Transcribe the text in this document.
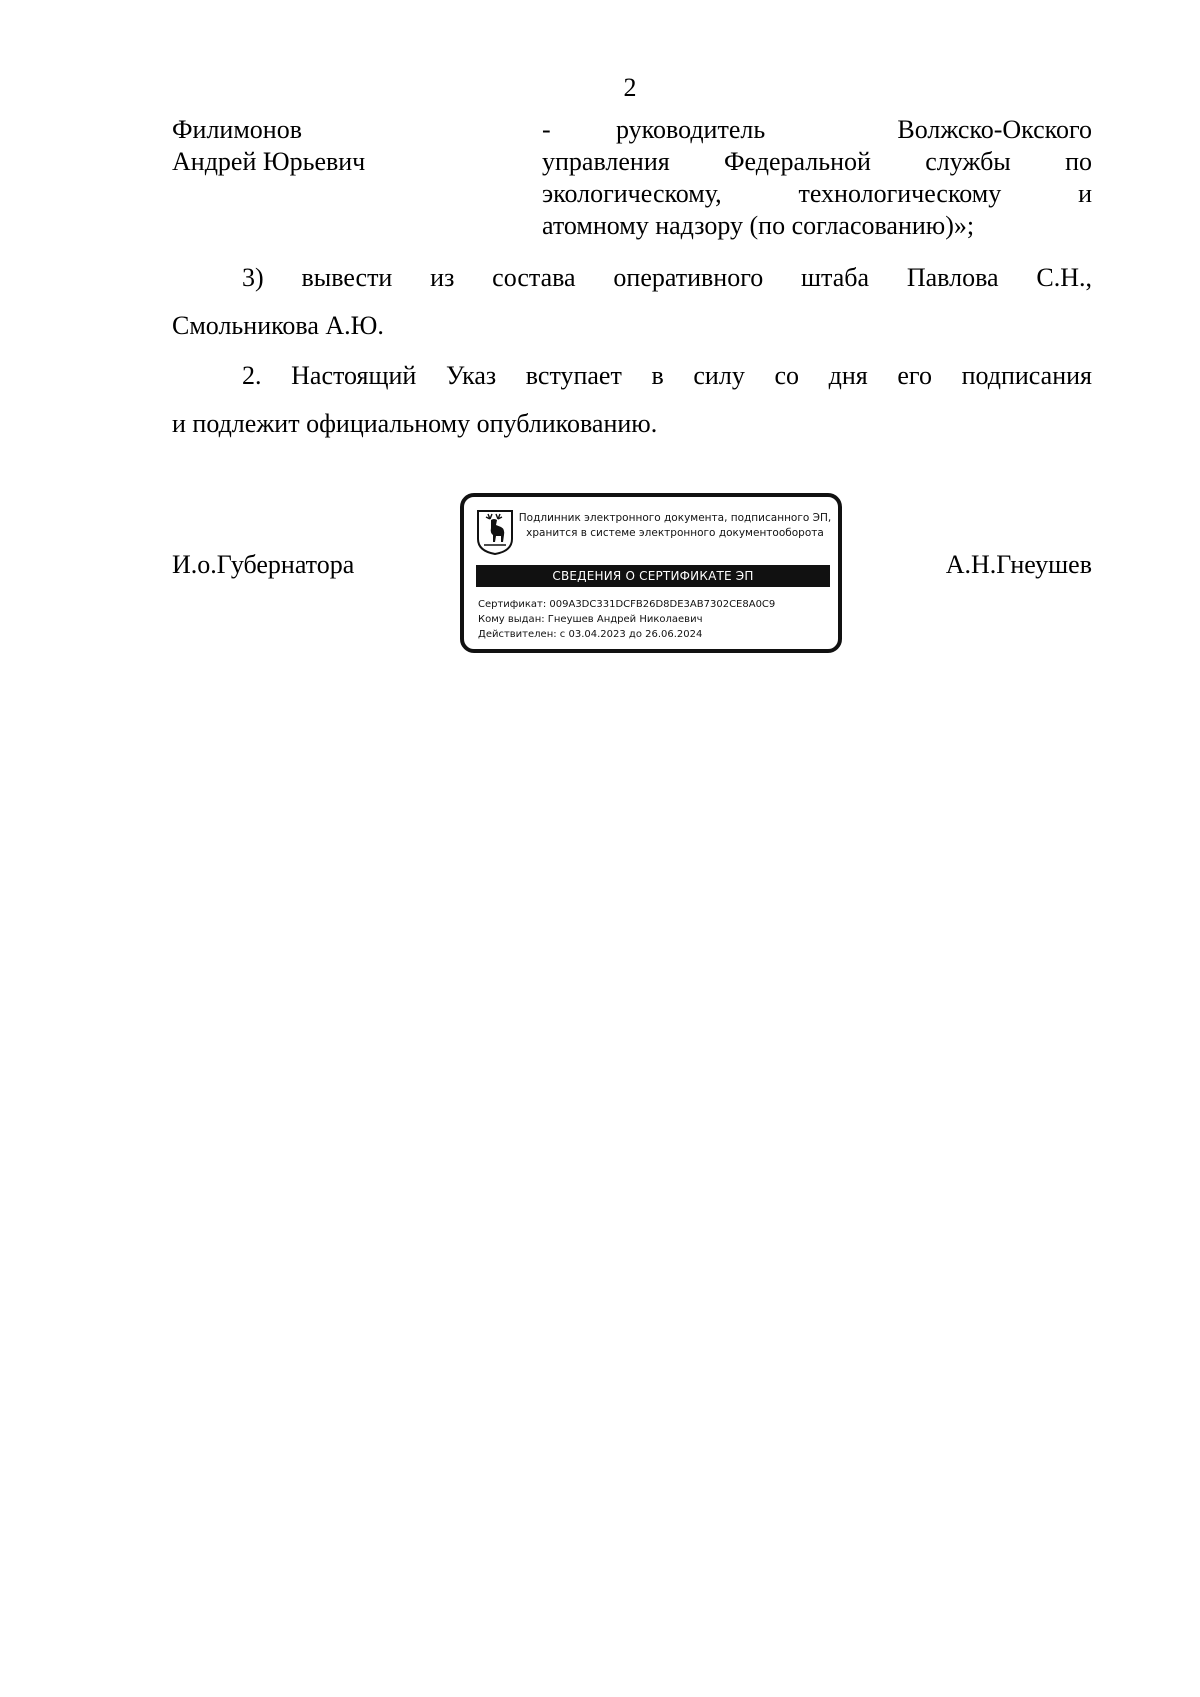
2
Филимонов
Андрей Юрьевич
-	руководитель Волжско-Окского
управления Федеральной службы по
экологическому, технологическому и
атомному надзору (по согласованию)»;
3) вывести из состава оперативного штаба Павлова С.Н.,
Смольникова А.Ю.
2. Настоящий Указ вступает в силу со дня его подписания
и подлежит официальному опубликованию.
И.о.Губернатора	А.Н.Гнеушев
Подлинник электронного документа, подписанного ЭП,
хранится в системе электронного документооборота
СВЕДЕНИЯ О СЕРТИФИКАТЕ ЭП
Сертификат: 009A3DC331DCFB26D8DE3AB7302CE8A0C9
Кому выдан: Гнеушев Андрей Николаевич
Действителен: с 03.04.2023 до 26.06.2024
